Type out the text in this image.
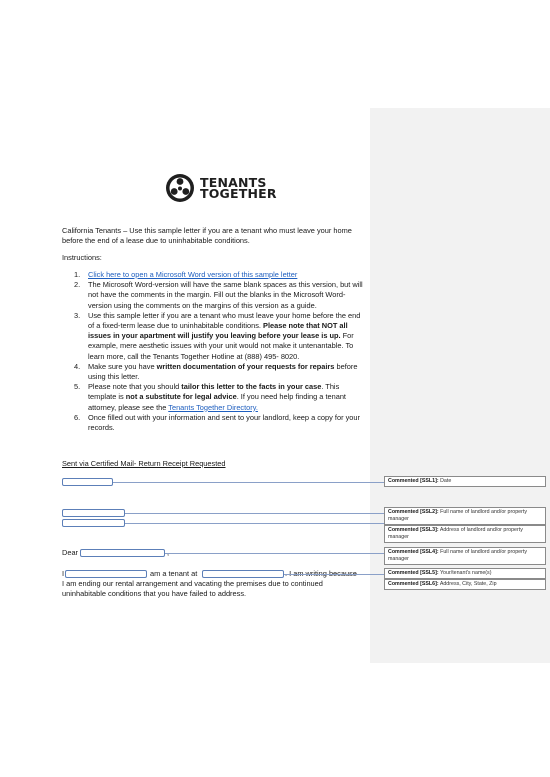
TENANTS
TOGETHER
California Tenants – Use this sample letter if you are a tenant who must leave your home before the end of a lease due to uninhabitable conditions.
Instructions:
1. Click here to open a Microsoft Word version of this sample letter
2. The Microsoft Word-version will have the same blank spaces as this version, but will not have the comments in the margin. Fill out the blanks in the Microsoft Word-version using the comments on the margins of this version as a guide.
3. Use this sample letter if you are a tenant who must leave your home before the end of a fixed-term lease due to uninhabitable conditions. Please note that NOT all issues in your apartment will justify you leaving before your lease is up. For example, mere aesthetic issues with your unit would not make it untenantable. To learn more, call the Tenants Together Hotline at (888) 495- 8020.
4. Make sure you have written documentation of your requests for repairs before using this letter.
5. Please note that you should tailor this letter to the facts in your case. This template is not a substitute for legal advice. If you need help finding a tenant attorney, please see the Tenants Together Directory.
6. Once filled out with your information and sent to your landlord, keep a copy for your records.
Sent via Certified Mail- Return Receipt Requested
Dear	,
I	am a tenant at	. I am writing because
I am ending our rental arrangement and vacating the premises due to continued
uninhabitable conditions that you have failed to address.
Commented [SSL1]: Date
Commented [SSL2]: Full name of landlord and/or property manager
Commented [SSL3]: Address of landlord and/or property manager
Commented [SSL4]: Full name of landlord and/or property manager
Commented [SSL5]: Your/tenant's name(s)
Commented [SSL6]: Address, City, State, Zip
